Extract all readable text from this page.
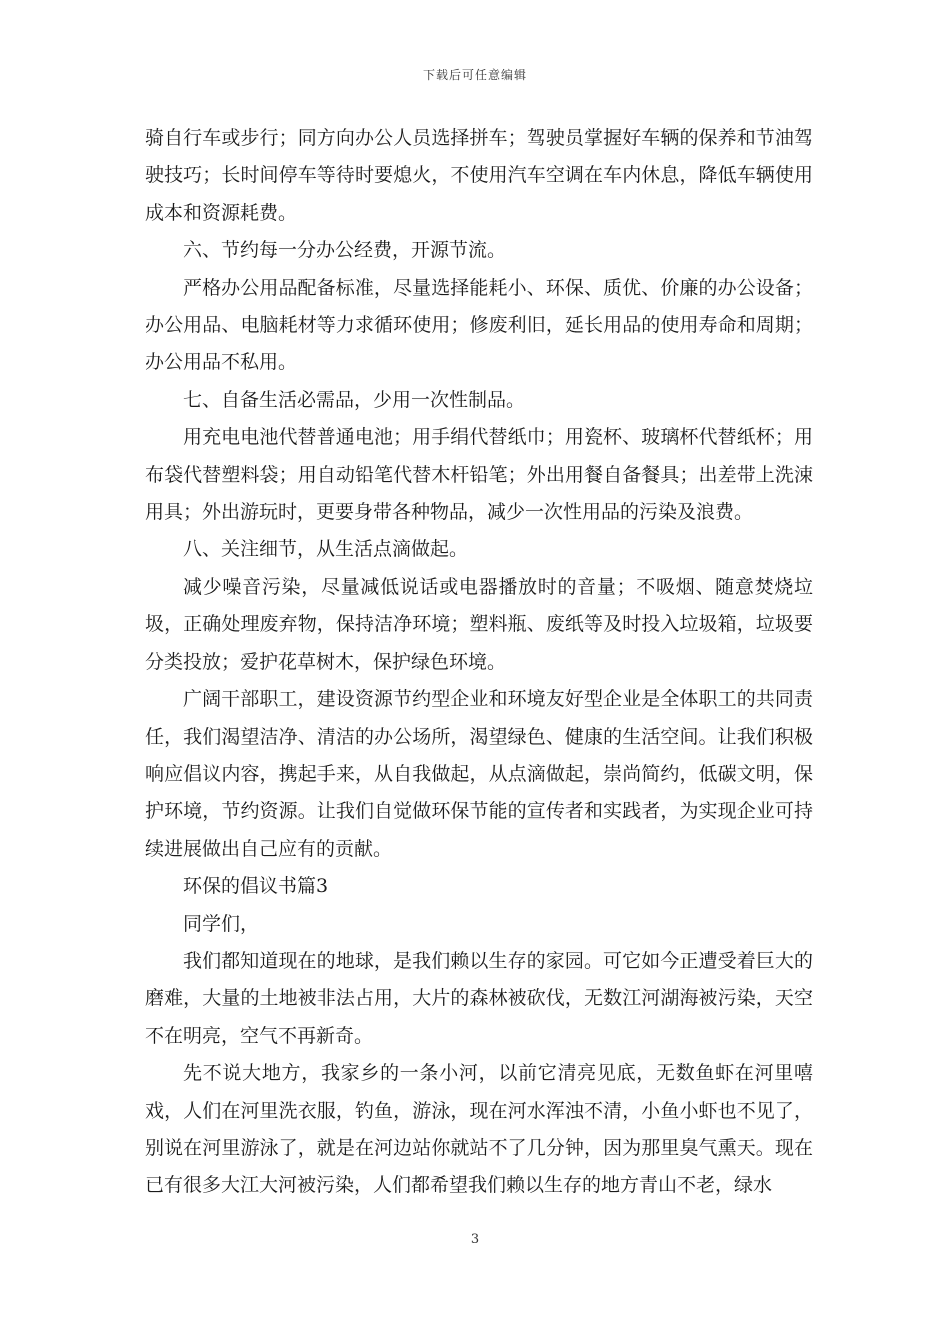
下载后可任意编辑

骑自行车或步行；同方向办公人员选择拼车；驾驶员掌握好车辆的保养和节油驾驶技巧；长时间停车等待时要熄火，不使用汽车空调在车内休息，降低车辆使用成本和资源耗费。

六、节约每一分办公经费，开源节流。

严格办公用品配备标准，尽量选择能耗小、环保、质优、价廉的办公设备；办公用品、电脑耗材等力求循环使用；修废利旧，延长用品的使用寿命和周期；办公用品不私用。

七、自备生活必需品，少用一次性制品。

用充电电池代替普通电池；用手绢代替纸巾；用瓷杯、玻璃杯代替纸杯；用布袋代替塑料袋；用自动铅笔代替木杆铅笔；外出用餐自备餐具；出差带上洗涑用具；外出游玩时，更要身带各种物品，减少一次性用品的污染及浪费。

八、关注细节，从生活点滴做起。

减少噪音污染，尽量减低说话或电器播放时的音量；不吸烟、随意焚烧垃圾，正确处理废弃物，保持洁净环境；塑料瓶、废纸等及时投入垃圾箱，垃圾要分类投放；爱护花草树木，保护绿色环境。

广阔干部职工，建设资源节约型企业和环境友好型企业是全体职工的共同责任，我们渴望洁净、清洁的办公场所，渴望绿色、健康的生活空间。让我们积极响应倡议内容，携起手来，从自我做起，从点滴做起，崇尚简约，低碳文明，保护环境，节约资源。让我们自觉做环保节能的宣传者和实践者，为实现企业可持续进展做出自己应有的贡献。

环保的倡议书篇3

同学们，

我们都知道现在的地球，是我们赖以生存的家园。可它如今正遭受着巨大的磨难，大量的土地被非法占用，大片的森林被砍伐，无数江河湖海被污染，天空不在明亮，空气不再新奇。

先不说大地方，我家乡的一条小河，以前它清亮见底，无数鱼虾在河里嘻戏，人们在河里洗衣服，钓鱼，游泳，现在河水浑浊不清，小鱼小虾也不见了，别说在河里游泳了，就是在河边站你就站不了几分钟，因为那里臭气熏天。现在已有很多大江大河被污染，人们都希望我们赖以生存的地方青山不老，绿水

3
